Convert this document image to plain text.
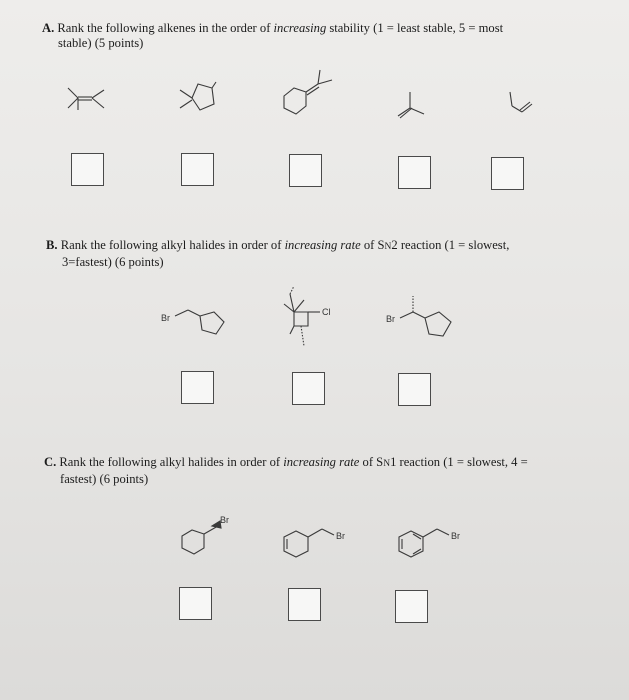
A. Rank the following alkenes in the order of increasing stability (1 = least stable, 5 = most
stable) (5 points)
B. Rank the following alkyl halides in order of increasing rate of SN2 reaction (1 = slowest,
3=fastest) (6 points)
Br
Cl
Br
C. Rank the following alkyl halides in order of increasing rate of SN1 reaction (1 = slowest, 4 =
fastest) (6 points)
Br
Br	Br
